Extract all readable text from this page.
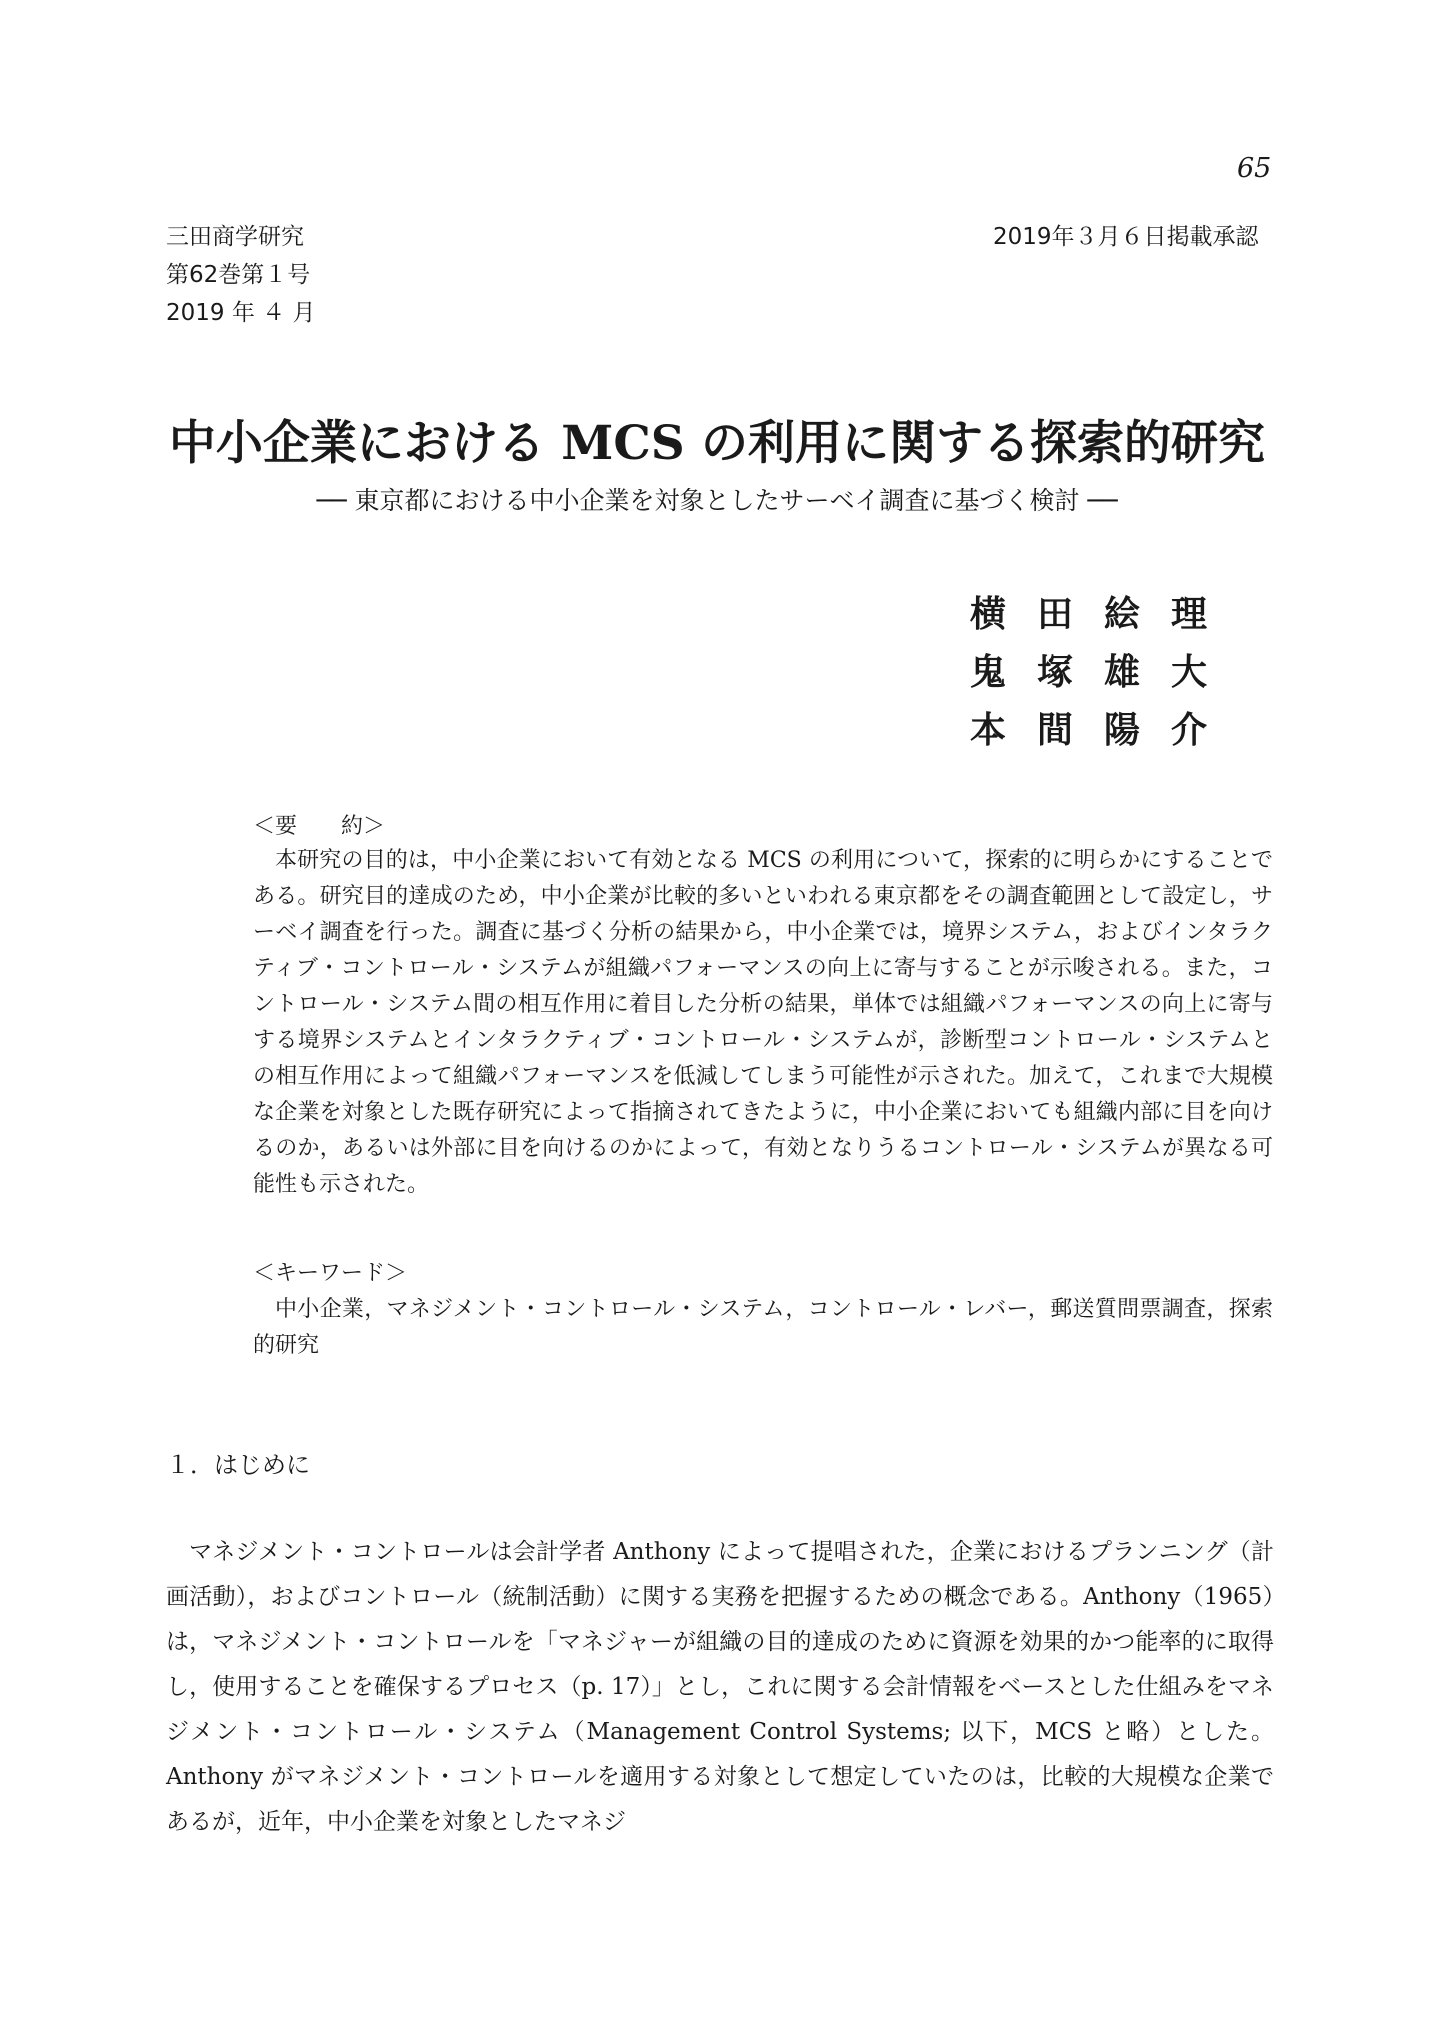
65
三田商学研究
第62巻第１号
2019 年 ４ 月
2019年３月６日掲載承認
中小企業における MCS の利用に関する探索的研究
── 東京都における中小企業を対象としたサーベイ調査に基づく検討 ──
横田絵理
鬼塚雄大
本間陽介
＜要　　約＞
本研究の目的は，中小企業において有効となる MCS の利用について，探索的に明らかにすることである。研究目的達成のため，中小企業が比較的多いといわれる東京都をその調査範囲として設定し，サーベイ調査を行った。調査に基づく分析の結果から，中小企業では，境界システム，およびインタラクティブ・コントロール・システムが組織パフォーマンスの向上に寄与することが示唆される。また，コントロール・システム間の相互作用に着目した分析の結果，単体では組織パフォーマンスの向上に寄与する境界システムとインタラクティブ・コントロール・システムが，診断型コントロール・システムとの相互作用によって組織パフォーマンスを低減してしまう可能性が示された。加えて，これまで大規模な企業を対象とした既存研究によって指摘されてきたように，中小企業においても組織内部に目を向けるのか，あるいは外部に目を向けるのかによって，有効となりうるコントロール・システムが異なる可能性も示された。
＜キーワード＞
中小企業，マネジメント・コントロール・システム，コントロール・レバー，郵送質問票調査，探索的研究
１．はじめに
マネジメント・コントロールは会計学者 Anthony によって提唱された，企業におけるプランニング（計画活動），およびコントロール（統制活動）に関する実務を把握するための概念である。Anthony（1965）は，マネジメント・コントロールを「マネジャーが組織の目的達成のために資源を効果的かつ能率的に取得し，使用することを確保するプロセス（p. 17）」とし，これに関する会計情報をベースとした仕組みをマネジメント・コントロール・システム（Management Control Systems; 以下，MCS と略）とした。Anthony がマネジメント・コントロールを適用する対象として想定していたのは，比較的大規模な企業であるが，近年，中小企業を対象としたマネジ
